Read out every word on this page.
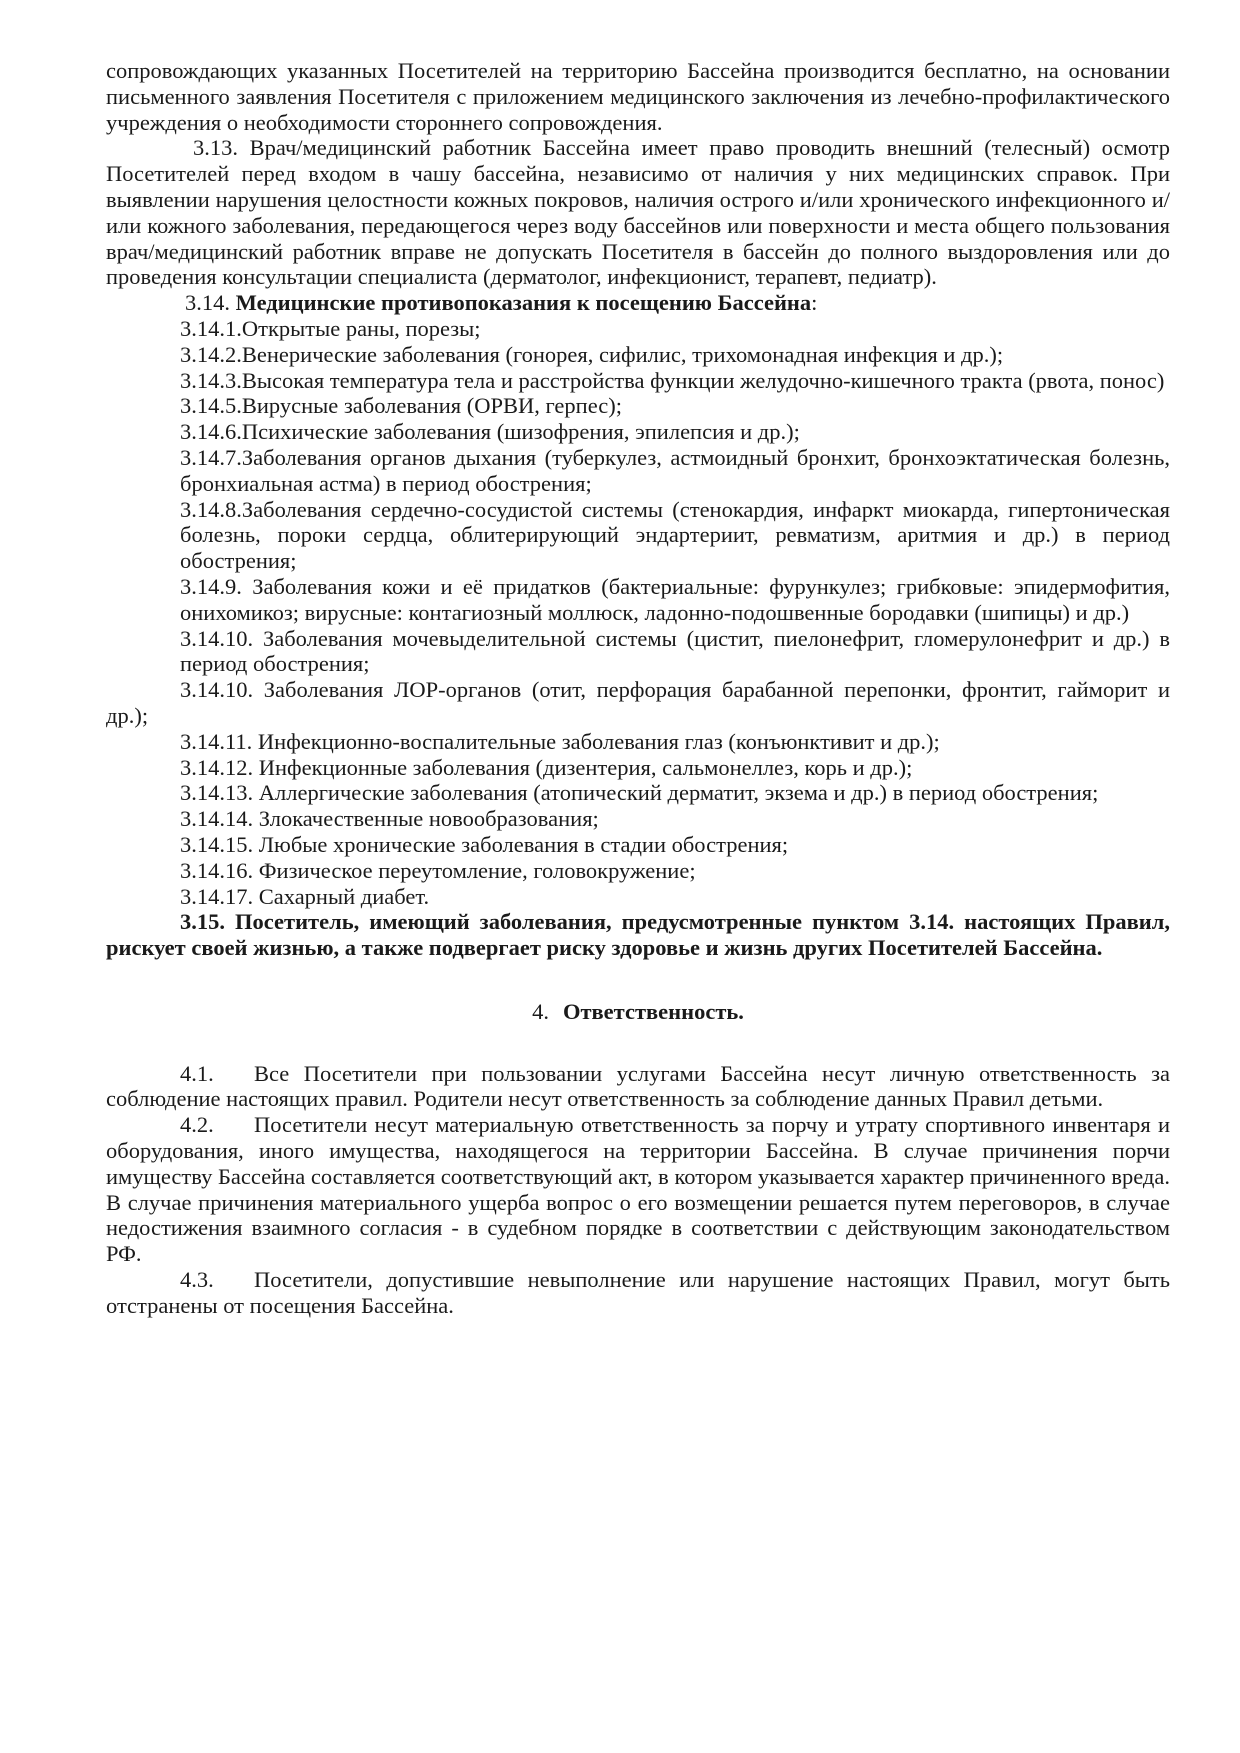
сопровождающих указанных Посетителей на территорию Бассейна производится бесплатно, на основании письменного заявления Посетителя с приложением медицинского заключения из лечебно-профилактического учреждения о необходимости стороннего сопровождения.

3.13. Врач/медицинский работник Бассейна имеет право проводить внешний (телесный) осмотр Посетителей перед входом в чашу бассейна, независимо от наличия у них медицинских справок. При выявлении нарушения целостности кожных покровов, наличия острого и/или хронического инфекционного и/или кожного заболевания, передающегося через воду бассейнов или поверхности и места общего пользования врач/медицинский работник вправе не допускать Посетителя в бассейн до полного выздоровления или до проведения консультации специалиста (дерматолог, инфекционист, терапевт, педиатр).

3.14. Медицинские противопоказания к посещению Бассейна:

3.14.1.Открытые раны, порезы;

3.14.2.Венерические заболевания (гонорея, сифилис, трихомонадная инфекция и др.);

3.14.3.Высокая температура тела и расстройства функции желудочно-кишечного тракта (рвота, понос)

3.14.5.Вирусные заболевания (ОРВИ, герпес);

3.14.6.Психические заболевания (шизофрения, эпилепсия и др.);

3.14.7.Заболевания органов дыхания (туберкулез, астмоидный бронхит, бронхоэктатическая болезнь, бронхиальная астма) в период обострения;

3.14.8.Заболевания сердечно-сосудистой системы (стенокардия, инфаркт миокарда, гипертоническая болезнь, пороки сердца, облитерирующий эндартериит, ревматизм, аритмия и др.) в период обострения;

3.14.9. Заболевания кожи и её придатков (бактериальные: фурункулез; грибковые: эпидермофития, онихомикоз; вирусные: контагиозный моллюск, ладонно-подошвенные бородавки (шипицы) и др.)

3.14.10. Заболевания мочевыделительной системы (цистит, пиелонефрит, гломерулонефрит и др.) в период обострения;

3.14.10. Заболевания ЛОР-органов (отит, перфорация барабанной перепонки, фронтит, гайморит и др.);

3.14.11. Инфекционно-воспалительные заболевания глаз (конъюнктивит и др.);

3.14.12. Инфекционные заболевания (дизентерия, сальмонеллез, корь и др.);

3.14.13. Аллергические заболевания (атопический дерматит, экзема и др.) в период обострения;

3.14.14. Злокачественные новообразования;

3.14.15. Любые хронические заболевания в стадии обострения;

3.14.16. Физическое переутомление, головокружение;

3.14.17. Сахарный диабет.

3.15. Посетитель, имеющий заболевания, предусмотренные пунктом 3.14. настоящих Правил, рискует своей жизнью, а также подвергает риску здоровье и жизнь других Посетителей Бассейна.

4. Ответственность.

4.1. Все Посетители при пользовании услугами Бассейна несут личную ответственность за соблюдение настоящих правил. Родители несут ответственность за соблюдение данных Правил детьми.

4.2. Посетители несут материальную ответственность за порчу и утрату спортивного инвентаря и оборудования, иного имущества, находящегося на территории Бассейна. В случае причинения порчи имуществу Бассейна составляется соответствующий акт, в котором указывается характер причиненного вреда. В случае причинения материального ущерба вопрос о его возмещении решается путем переговоров, в случае недостижения взаимного согласия - в судебном порядке в соответствии с действующим законодательством РФ.

4.3. Посетители, допустившие невыполнение или нарушение настоящих Правил, могут быть отстранены от посещения Бассейна.
